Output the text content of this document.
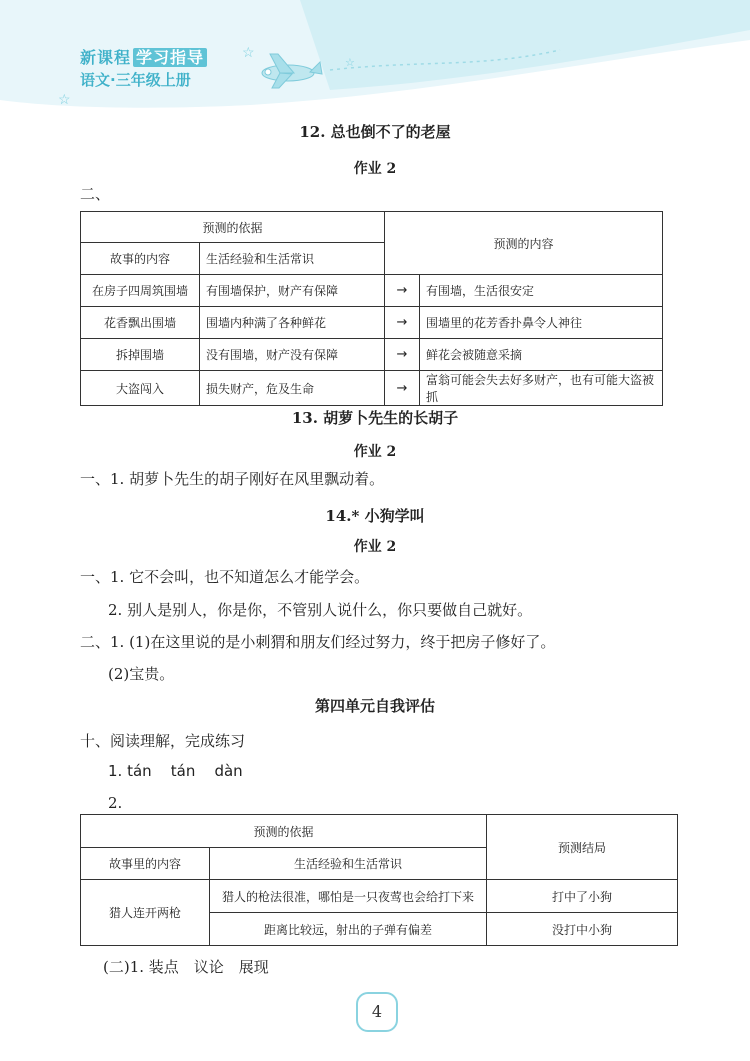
新课程 学习指导
语文·三年级上册
☆
☆
☆
12. 总也倒不了的老屋
作业 2
二、
预测的依据		预测的内容	
故事的内容	生活经验和生活常识		
在房子四周筑围墙	有围墙保护，财产有保障	→	有围墙，生活很安定
花香飘出围墙	围墙内种满了各种鲜花	→	围墙里的花芳香扑鼻令人神往
拆掉围墙	没有围墙，财产没有保障	→	鲜花会被随意采摘
大盗闯入	损失财产，危及生命	→	富翁可能会失去好多财产，也有可能大盗被抓
13. 胡萝卜先生的长胡子
作业 2
一、1. 胡萝卜先生的胡子刚好在风里飘动着。
14.* 小狗学叫
作业 2
一、1. 它不会叫，也不知道怎么才能学会。
2. 别人是别人，你是你，不管别人说什么，你只要做自己就好。
二、1. (1)在这里说的是小刺猬和朋友们经过努力，终于把房子修好了。
(2)宝贵。
第四单元自我评估
十、阅读理解，完成练习
1. tán tán dàn
2.
预测的依据		预测结局
故事里的内容	生活经验和生活常识	
猎人连开两枪	猎人的枪法很准，哪怕是一只夜莺也会给打下来	打中了小狗
	距离比较远，射出的子弹有偏差	没打中小狗
(二)1. 装点　议论　展现
4
